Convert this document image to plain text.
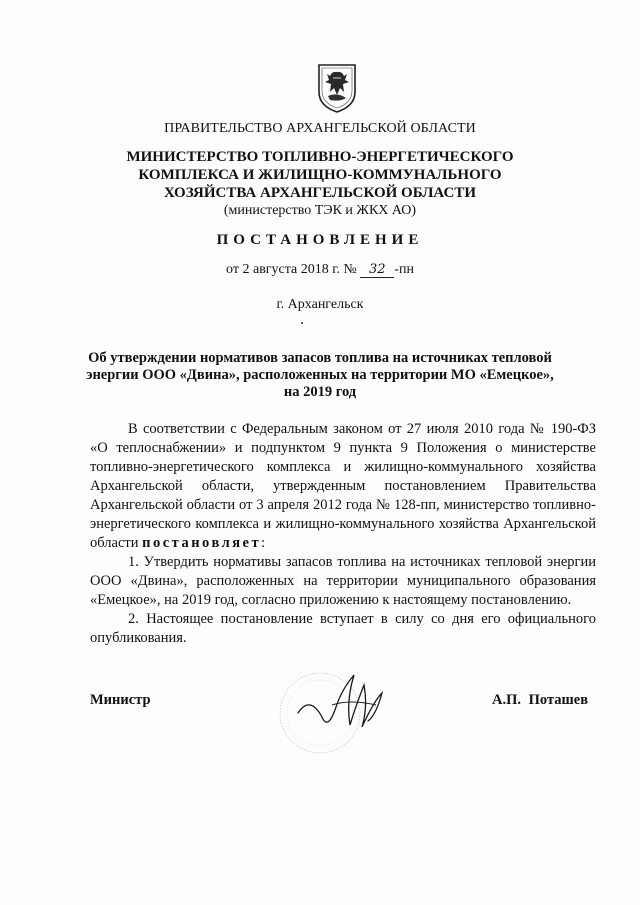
ПРАВИТЕЛЬСТВО АРХАНГЕЛЬСКОЙ ОБЛАСТИ
МИНИСТЕРСТВО ТОПЛИВНО-ЭНЕРГЕТИЧЕСКОГО
КОМПЛЕКСА И ЖИЛИЩНО-КОММУНАЛЬНОГО
ХОЗЯЙСТВА АРХАНГЕЛЬСКОЙ ОБЛАСТИ
(министерство ТЭК и ЖКХ АО)
ПОСТАНОВЛЕНИЕ
от 2 августа 2018 г. № 32 -пн
г. Архангельск
Об утверждении нормативов запасов топлива на источниках тепловой
энергии ООО «Двина», расположенных на территории МО «Емецкое»,
на 2019 год

В соответствии с Федеральным законом от 27 июля 2010 года № 190-ФЗ «О теплоснабжении» и подпунктом 9 пункта 9 Положения о министерстве топливно-энергетического комплекса и жилищно-коммунального хозяйства Архангельской области, утвержденным постановлением Правительства Архангельской области от 3 апреля 2012 года № 128-пп, министерство топливно-энергетического комплекса и жилищно-коммунального хозяйства Архангельской области постановляет:

1. Утвердить нормативы запасов топлива на источниках тепловой энергии ООО «Двина», расположенных на территории муниципального образования «Емецкое», на 2019 год, согласно приложению к настоящему постановлению.

2. Настоящее постановление вступает в силу со дня его официального опубликования.

Министр	А.П. Поташев
